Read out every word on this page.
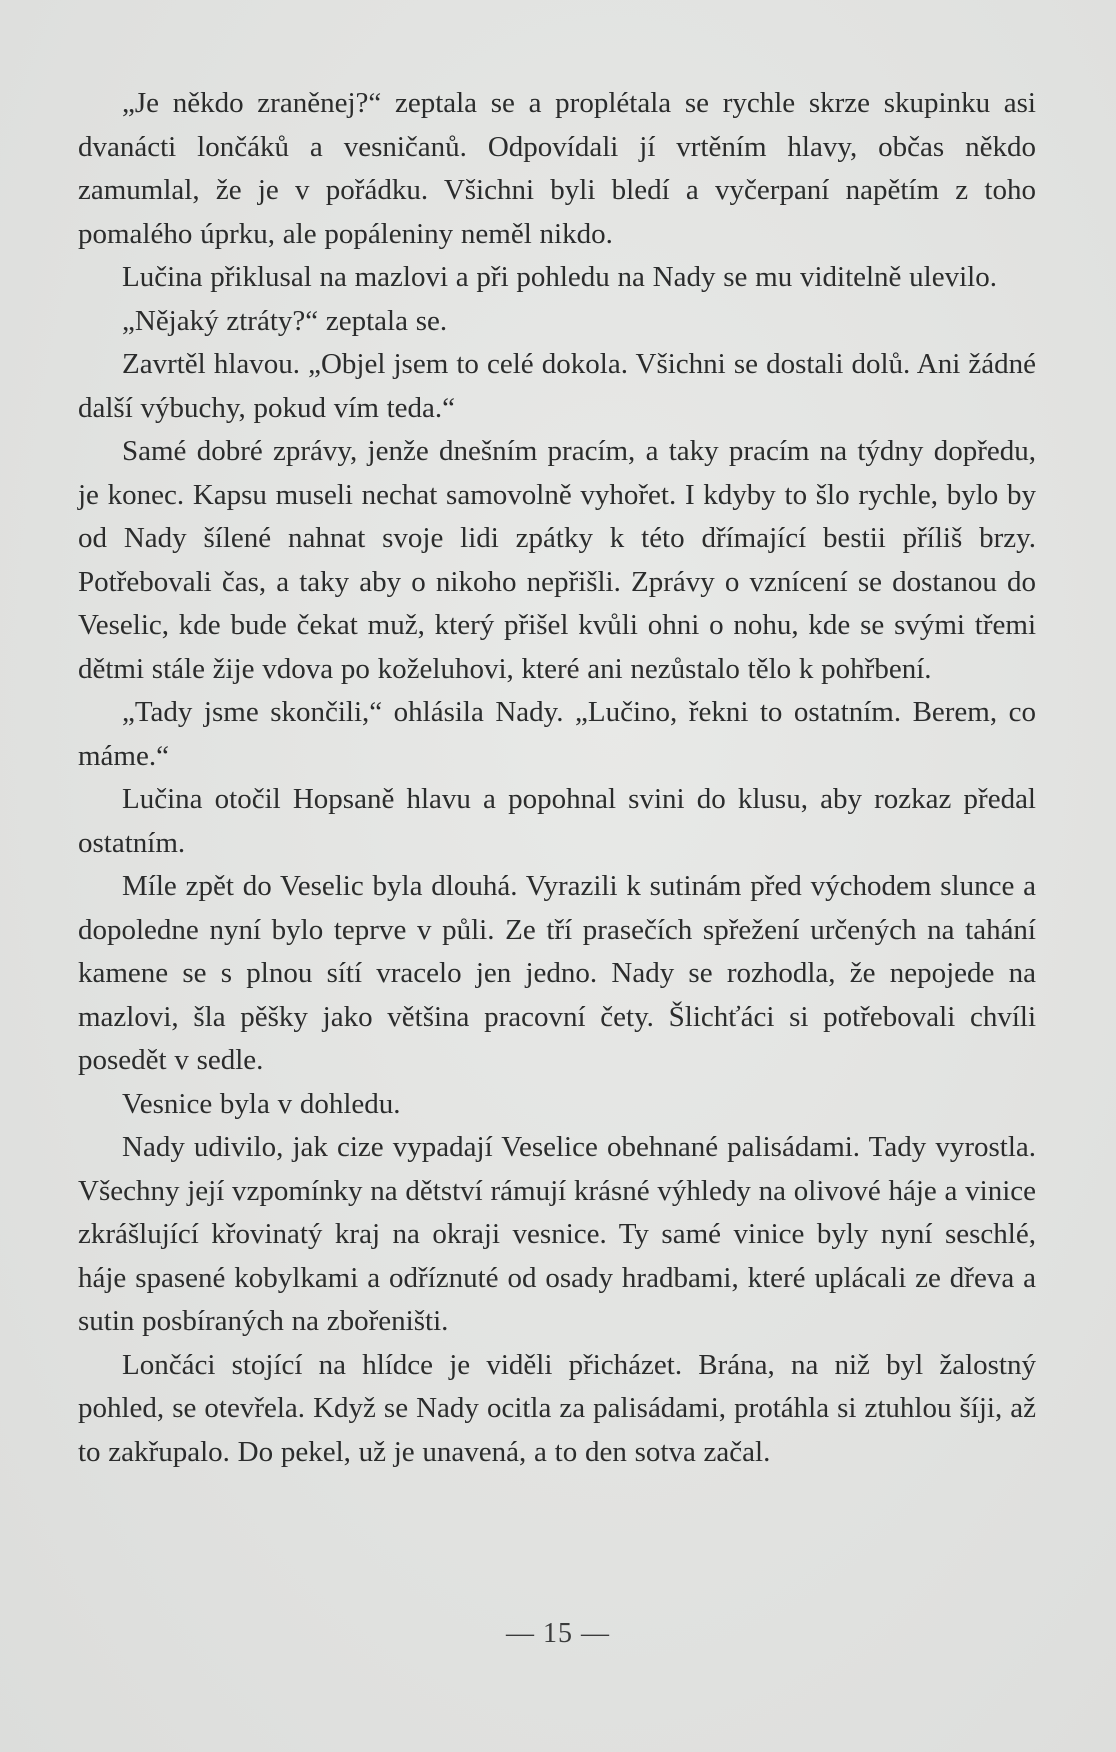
„Je někdo zraněnej?“ zeptala se a proplétala se rychle skrze skupinku asi dvanácti lončáků a vesničanů. Odpovídali jí vrtěním hlavy, občas někdo zamumlal, že je v pořádku. Všichni byli bledí a vyčerpaní napětím z toho pomalého úprku, ale popáleniny neměl nikdo.

Lučina přiklusal na mazlovi a při pohledu na Nady se mu viditelně ulevilo.

„Nějaký ztráty?“ zeptala se.

Zavrtěl hlavou. „Objel jsem to celé dokola. Všichni se dostali dolů. Ani žádné další výbuchy, pokud vím teda.“

Samé dobré zprávy, jenže dnešním pracím, a taky pracím na týdny dopředu, je konec. Kapsu museli nechat samovolně vyhořet. I kdyby to šlo rychle, bylo by od Nady šílené nahnat svoje lidi zpátky k této dřímající bestii příliš brzy. Potřebovali čas, a taky aby o nikoho nepřišli. Zprávy o vznícení se dostanou do Veselic, kde bude čekat muž, který přišel kvůli ohni o nohu, kde se svými třemi dětmi stále žije vdova po koželuhovi, které ani nezůstalo tělo k pohřbení.

„Tady jsme skončili,“ ohlásila Nady. „Lučino, řekni to ostatním. Berem, co máme.“

Lučina otočil Hopsaně hlavu a popohnal svini do klusu, aby rozkaz předal ostatním.

Míle zpět do Veselic byla dlouhá. Vyrazili k sutinám před východem slunce a dopoledne nyní bylo teprve v půli. Ze tří prasečích spřežení určených na tahání kamene se s plnou sítí vracelo jen jedno. Nady se rozhodla, že nepojede na mazlovi, šla pěšky jako většina pracovní čety. Šlichťáci si potřebovali chvíli posedět v sedle.

Vesnice byla v dohledu.

Nady udivilo, jak cize vypadají Veselice obehnané palisádami. Tady vyrostla. Všechny její vzpomínky na dětství rámují krásné výhledy na olivové háje a vinice zkrášlující křovinatý kraj na okraji vesnice. Ty samé vinice byly nyní seschlé, háje spasené kobylkami a odříznuté od osady hradbami, které uplácali ze dřeva a sutin posbíraných na zbořeništi.

Lončáci stojící na hlídce je viděli přicházet. Brána, na niž byl žalostný pohled, se otevřela. Když se Nady ocitla za palisádami, protáhla si ztuhlou šíji, až to zakřupalo. Do pekel, už je unavená, a to den sotva začal.

— 15 —
